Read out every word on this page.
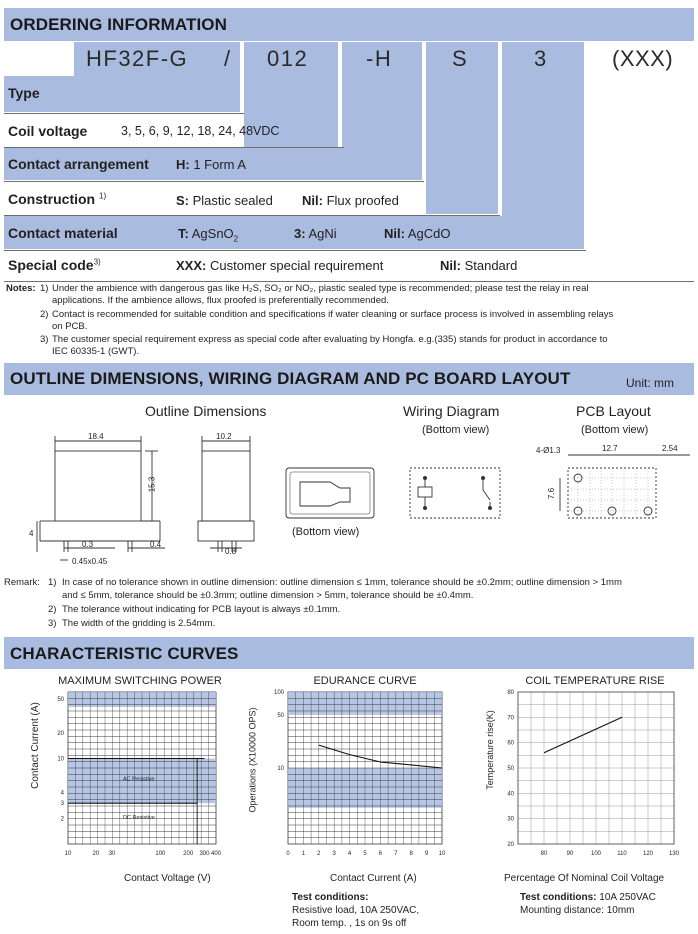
ORDERING INFORMATION
HF32F-G / 012	-H	S	3	(XXX)
Type
Coil voltage	3, 5, 6, 9, 12, 18, 24, 48VDC
Contact arrangement H: 1 Form A
Construction $^{1)}$	S: Plastic sealed Nil: Flux proofed
Contact material	T: AgSnO$_2$	3: AgNi	Nil: AgCdO
Special code$^{3)}$	XXX: Customer special requirement	Nil: Standard
Notes: 1) Under the ambience with dangerous gas like H₂S, SO₂ or NO₂, plastic sealed type is recommended; please test the relay in real
applications. If the ambience allows, flux proofed is preferentially recommended.
2) Contact is recommended for suitable condition and specifications if water cleaning or surface process is involved in assembling relays
on PCB.
3) The customer special requirement express as special code after evaluating by Hongfa. e.g.(335) stands for product in accordance to
IEC 60335-1 (GWT).
OUTLINE DIMENSIONS, WIRING DIAGRAM AND PC BOARD LAYOUT	Unit: mm
Outline Dimensions	Wiring Diagram
(Bottom view)
PCB Layout
(Bottom view)
(Bottom view)
18.4	10.2
15.3
4
0.3	0.4
0.45x0.45
0.8
4-Ø1.3	12.7	2.54
7.6
Remark: 1) In case of no tolerance shown in outline dimension: outline dimension ≤ 1mm, tolerance should be ±0.2mm; outline dimension > 1mm
and ≤ 5mm, tolerance should be ±0.3mm; outline dimension > 5mm, tolerance should be ±0.4mm.
2) The tolerance without indicating for PCB layout is always ±0.1mm.
3) The width of the gridding is 2.54mm.
CHARACTERISTIC CURVES
MAXIMUM SWITCHING POWER	EDURANCE CURVE	COIL TEMPERATURE RISE
Contact Current (A)
Contact Voltage (V)
Operations (X10000 OPS)
Contact Current (A)
Temperature rise(K)
Percentage Of Nominal Coil Voltage
Test conditions:
Resistive load, 10A 250VAC,
Room temp. , 1s on 9s off
Test conditions: 10A 250VAC
Mounting distance: 10mm
10	20 30	100	200 300 400
2
3
4
10
20
50
AC Resistive
DC Resistive
0 1 2 3 4 5 6 7 8 9 10
10
50
100
80	90	100	110	120	130
20
30
40
50
60
70
80
